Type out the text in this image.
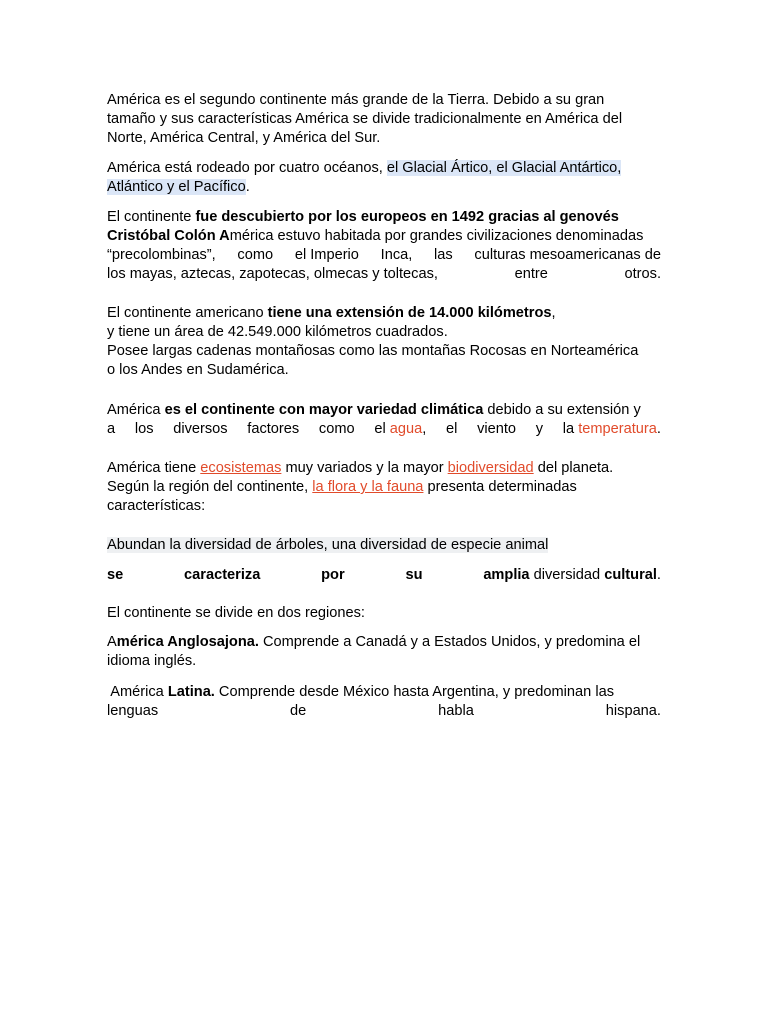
América es el segundo continente más grande de la Tierra. Debido a su gran
tamaño y sus características América se divide tradicionalmente en América del
Norte, América Central, y América del Sur.
América está rodeado por cuatro océanos, el Glacial Ártico, el Glacial Antártico,
Atlántico y el Pacífico.
El continente fue descubierto por los europeos en 1492 gracias al genovés
Cristóbal Colón América estuvo habitada por grandes civilizaciones denominadas
“precolombinas”, como el Imperio Inca, las culturas mesoamericanas de
los mayas, aztecas, zapotecas, olmecas y toltecas,	entre	otros.
El continente americano tiene una extensión de 14.000 kilómetros,
y tiene un área de 42.549.000 kilómetros cuadrados.
Posee largas cadenas montañosas como las montañas Rocosas en Norteamérica
o los Andes en Sudamérica.
América es el continente con mayor variedad climática debido a su extensión y
a los diversos factores como el agua, el viento y la temperatura.
América tiene ecosistemas muy variados y la mayor biodiversidad del planeta.
Según la región del continente, la flora y la fauna presenta determinadas
características:
Abundan la diversidad de árboles, una diversidad de especie animal
se	caracteriza	por	su	amplia diversidad cultural.
El continente se divide en dos regiones:
América Anglosajona. Comprende a Canadá y a Estados Unidos, y predomina el
idioma inglés.
América Latina. Comprende desde México hasta Argentina, y predominan las
lenguas	de	habla	hispana.
